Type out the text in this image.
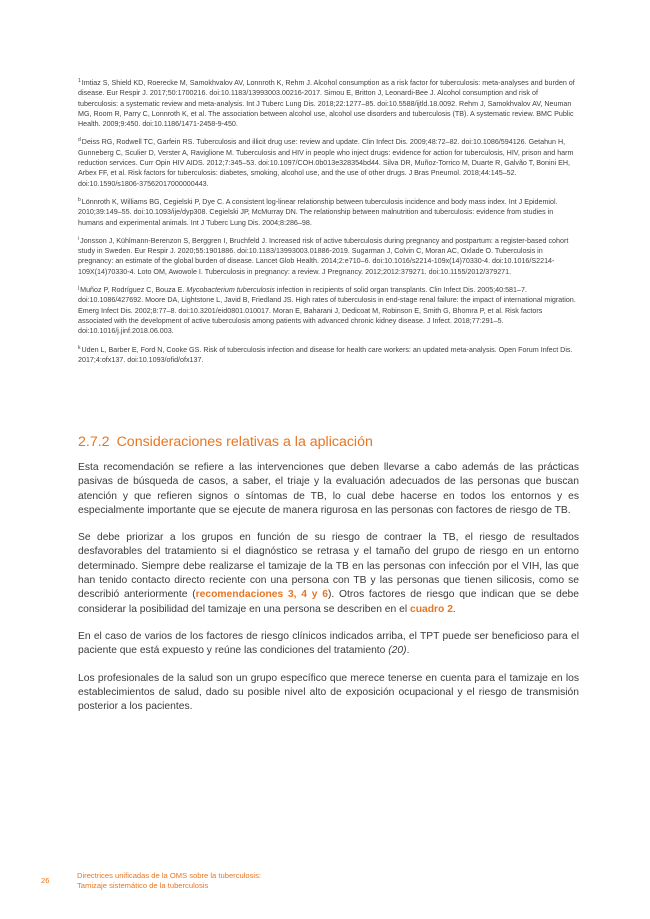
$^1$Imtiaz S, Shield KD, Roerecke M, Samokhvalov AV, Lonnroth K, Rehm J. Alcohol consumption as a risk factor for tuberculosis: meta-analyses and burden of disease. Eur Respir J. 2017;50:1700216. doi:10.1183/13993003.00216-2017. Simou E, Britton J, Leonardi-Bee J. Alcohol consumption and risk of tuberculosis: a systematic review and meta-analysis. Int J Tuberc Lung Dis. 2018;22:1277–85. doi:10.5588/ijtld.18.0092. Rehm J, Samokhvalov AV, Neuman MG, Room R, Parry C, Lonnroth K, et al. The association between alcohol use, alcohol use disorders and tuberculosis (TB). A systematic review. BMC Public Health. 2009;9:450. doi:10.1186/1471-2458-9-450.

$^d$Deiss RG, Rodwell TC, Garfein RS. Tuberculosis and illicit drug use: review and update. Clin Infect Dis. 2009;48:72–82. doi:10.1086/594126. Getahun H, Gunneberg C, Sculier D, Verster A, Raviglione M. Tuberculosis and HIV in people who inject drugs: evidence for action for tuberculosis, HIV, prison and harm reduction services. Curr Opin HIV AIDS. 2012;7:345–53. doi:10.1097/COH.0b013e328354bd44. Silva DR, Muñoz-Torrico M, Duarte R, Galvão T, Bonini EH, Arbex FF, et al. Risk factors for tuberculosis: diabetes, smoking, alcohol use, and the use of other drugs. J Bras Pneumol. 2018;44:145–52. doi:10.1590/s1806-37562017000000443.

$^b$Lönnroth K, Williams BG, Cegielski P, Dye C. A consistent log-linear relationship between tuberculosis incidence and body mass index. Int J Epidemiol. 2010;39:149–55. doi:10.1093/ije/dyp308. Cegielski JP, McMurray DN. The relationship between malnutrition and tuberculosis: evidence from studies in humans and experimental animals. Int J Tuberc Lung Dis. 2004;8:286–98.

$^i$Jonsson J, Kühlmann-Berenzon S, Berggren I, Bruchfeld J. Increased risk of active tuberculosis during pregnancy and postpartum: a register-based cohort study in Sweden. Eur Respir J. 2020;55:1901886. doi:10.1183/13993003.01886-2019. Sugarman J, Colvin C, Moran AC, Oxlade O. Tuberculosis in pregnancy: an estimate of the global burden of disease. Lancet Glob Health. 2014;2:e710–6. doi:10.1016/s2214-109x(14)70330-4. doi:10.1016/S2214-109X(14)70330-4. Loto OM, Awowole I. Tuberculosis in pregnancy: a review. J Pregnancy. 2012;2012:379271. doi:10.1155/2012/379271.

$^j$Muñoz P, Rodríguez C, Bouza E. Mycobacterium tuberculosis infection in recipients of solid organ transplants. Clin Infect Dis. 2005;40:581–7. doi:10.1086/427692. Moore DA, Lightstone L, Javid B, Friedland JS. High rates of tuberculosis in end-stage renal failure: the impact of international migration. Emerg Infect Dis. 2002;8:77–8. doi:10.3201/eid0801.010017. Moran E, Baharani J, Dedicoat M, Robinson E, Smith G, Bhomra P, et al. Risk factors associated with the development of active tuberculosis among patients with advanced chronic kidney disease. J Infect. 2018;77:291–5. doi:10.1016/j.jinf.2018.06.003.

$^k$Uden L, Barber E, Ford N, Cooke GS. Risk of tuberculosis infection and disease for health care workers: an updated meta-analysis. Open Forum Infect Dis. 2017;4:ofx137. doi:10.1093/ofid/ofx137.

2.7.2 Consideraciones relativas a la aplicación

Esta recomendación se refiere a las intervenciones que deben llevarse a cabo además de las prácticas pasivas de búsqueda de casos, a saber, el triaje y la evaluación adecuados de las personas que buscan atención y que refieren signos o síntomas de TB, lo cual debe hacerse en todos los entornos y es especialmente importante que se ejecute de manera rigurosa en las personas con factores de riesgo de TB.

Se debe priorizar a los grupos en función de su riesgo de contraer la TB, el riesgo de resultados desfavorables del tratamiento si el diagnóstico se retrasa y el tamaño del grupo de riesgo en un entorno determinado. Siempre debe realizarse el tamizaje de la TB en las personas con infección por el VIH, las que han tenido contacto directo reciente con una persona con TB y las personas que tienen silicosis, como se describió anteriormente (recomendaciones 3, 4 y 6). Otros factores de riesgo que indican que se debe considerar la posibilidad del tamizaje en una persona se describen en el cuadro 2.

En el caso de varios de los factores de riesgo clínicos indicados arriba, el TPT puede ser beneficioso para el paciente que está expuesto y reúne las condiciones del tratamiento (20).

Los profesionales de la salud son un grupo específico que merece tenerse en cuenta para el tamizaje en los establecimientos de salud, dado su posible nivel alto de exposición ocupacional y el riesgo de transmisión posterior a los pacientes.

26
Directrices unificadas de la OMS sobre la tuberculosis:
Tamizaje sistemático de la tuberculosis
